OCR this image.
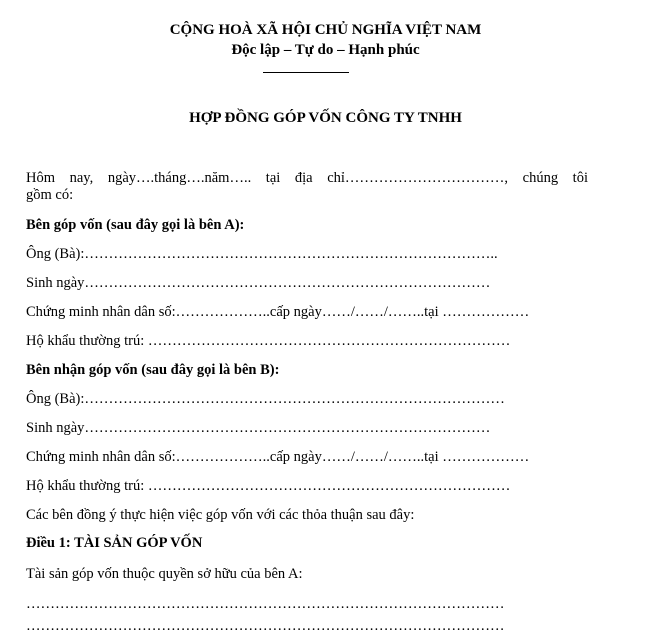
CỘNG HOÀ XÃ HỘI CHỦ NGHĨA VIỆT NAM
Độc lập – Tự do – Hạnh phúc
HỢP ĐỒNG GÓP VỐN CÔNG TY TNHH
Hôm nay, ngày….tháng….năm….. tại địa chỉ……………………………, chúng tôi
gồm có:
Bên góp vốn (sau đây gọi là bên A):
Ông (Bà):…………………………………………………………………………..
Sinh ngày…………………………………………………………………………
Chứng minh nhân dân số:………………..cấp ngày……/……/……..tại ………………
Hộ khẩu thường trú: …………………………………………………………………
Bên nhận góp vốn (sau đây gọi là bên B):
Ông (Bà):……………………………………………………………………………
Sinh ngày…………………………………………………………………………
Chứng minh nhân dân số:………………..cấp ngày……/……/……..tại ………………
Hộ khẩu thường trú: …………………………………………………………………
Các bên đồng ý thực hiện việc góp vốn với các thỏa thuận sau đây:
Điều 1: TÀI SẢN GÓP VỐN
Tài sản góp vốn thuộc quyền sở hữu của bên A:
………………………………………………………………………………………
………………………………………………………………………………………
